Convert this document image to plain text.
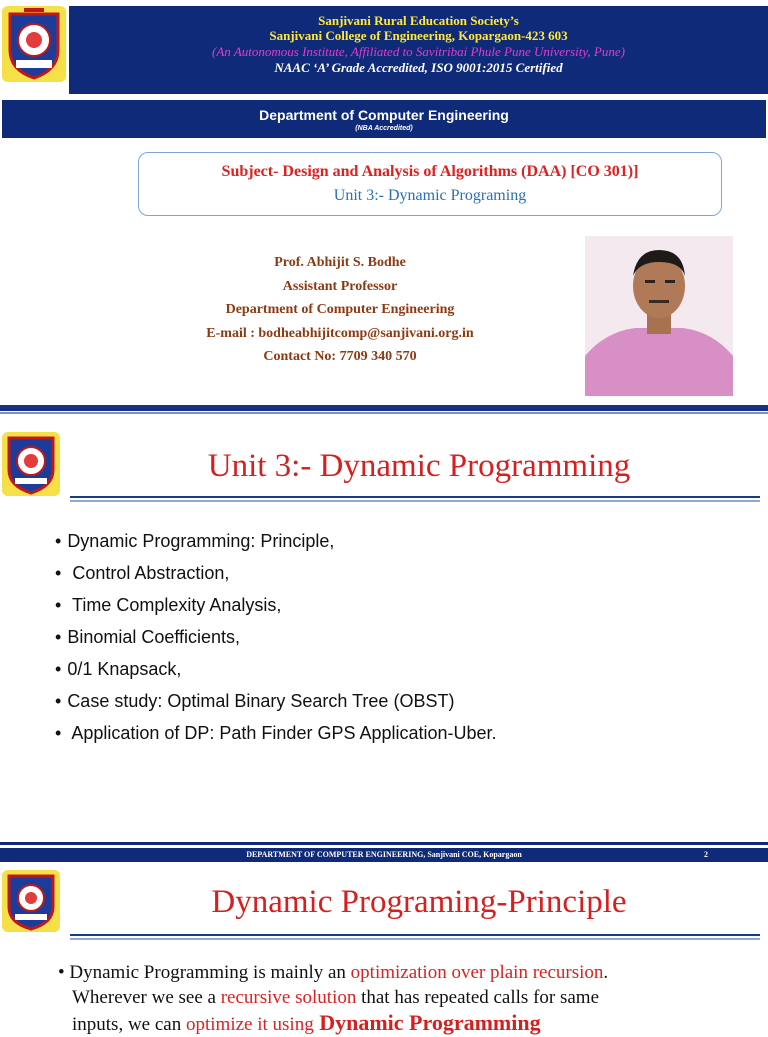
Sanjivani Rural Education Society’s
Sanjivani College of Engineering, Kopargaon-423 603
(An Autonomous Institute, Affiliated to Savitribai Phule Pune University, Pune)
NAAC ‘A’ Grade Accredited, ISO 9001:2015 Certified
Department of Computer Engineering
(NBA Accredited)
Subject- Design and Analysis of Algorithms (DAA) [CO 301)]
Unit 3:- Dynamic Programing
Prof. Abhijit S. Bodhe
Assistant Professor
Department of Computer Engineering
E-mail : bodheabhijitcomp@sanjivani.org.in
Contact No: 7709 340 570
Unit 3:- Dynamic Programming
• Dynamic Programming: Principle,
• Control Abstraction,
• Time Complexity Analysis,
• Binomial Coefficients,
• 0/1 Knapsack,
• Case study: Optimal Binary Search Tree (OBST)
• Application of DP: Path Finder GPS Application-Uber.
DEPARTMENT OF COMPUTER ENGINEERING, Sanjivani COE, Kopargaon	2
Dynamic Programing-Principle
• Dynamic Programming is mainly an optimization over plain recursion.
Wherever we see a recursive solution that has repeated calls for same
inputs, we can optimize it using Dynamic Programming
